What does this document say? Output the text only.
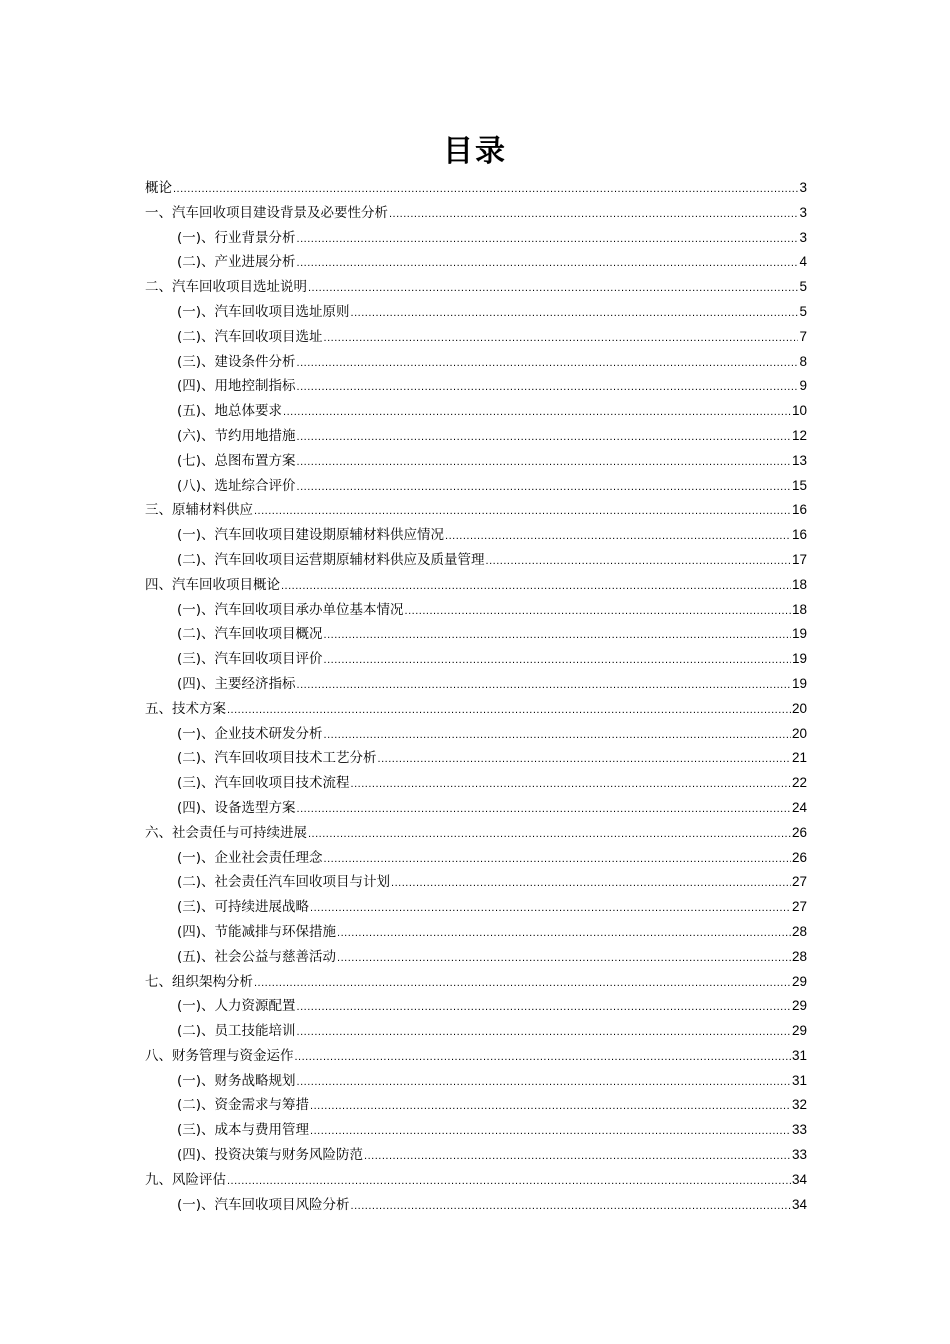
目录
概论 .....	3
一、汽车回收项目建设背景及必要性分析 .....	3
(一)、行业背景分析 .....	3
(二)、产业进展分析 .....	4
二、汽车回收项目选址说明 .....	5
(一)、汽车回收项目选址原则 .....	5
(二)、汽车回收项目选址 .....	7
(三)、建设条件分析 .....	8
(四)、用地控制指标 .....	9
(五)、地总体要求 .....	10
(六)、节约用地措施 .....	12
(七)、总图布置方案 .....	13
(八)、选址综合评价 .....	15
三、原辅材料供应 .....	16
(一)、汽车回收项目建设期原辅材料供应情况 .....	16
(二)、汽车回收项目运营期原辅材料供应及质量管理 .....	17
四、汽车回收项目概论 .....	18
(一)、汽车回收项目承办单位基本情况 .....	18
(二)、汽车回收项目概况 .....	19
(三)、汽车回收项目评价 .....	19
(四)、主要经济指标 .....	19
五、技术方案 .....	20
(一)、企业技术研发分析 .....	20
(二)、汽车回收项目技术工艺分析 .....	21
(三)、汽车回收项目技术流程 .....	22
(四)、设备选型方案 .....	24
六、社会责任与可持续进展 .....	26
(一)、企业社会责任理念 .....	26
(二)、社会责任汽车回收项目与计划 .....	27
(三)、可持续进展战略 .....	27
(四)、节能减排与环保措施 .....	28
(五)、社会公益与慈善活动 .....	28
七、组织架构分析 .....	29
(一)、人力资源配置 .....	29
(二)、员工技能培训 .....	29
八、财务管理与资金运作 .....	31
(一)、财务战略规划 .....	31
(二)、资金需求与筹措 .....	32
(三)、成本与费用管理 .....	33
(四)、投资决策与财务风险防范 .....	33
九、风险评估 .....	34
(一)、汽车回收项目风险分析 .....	34
